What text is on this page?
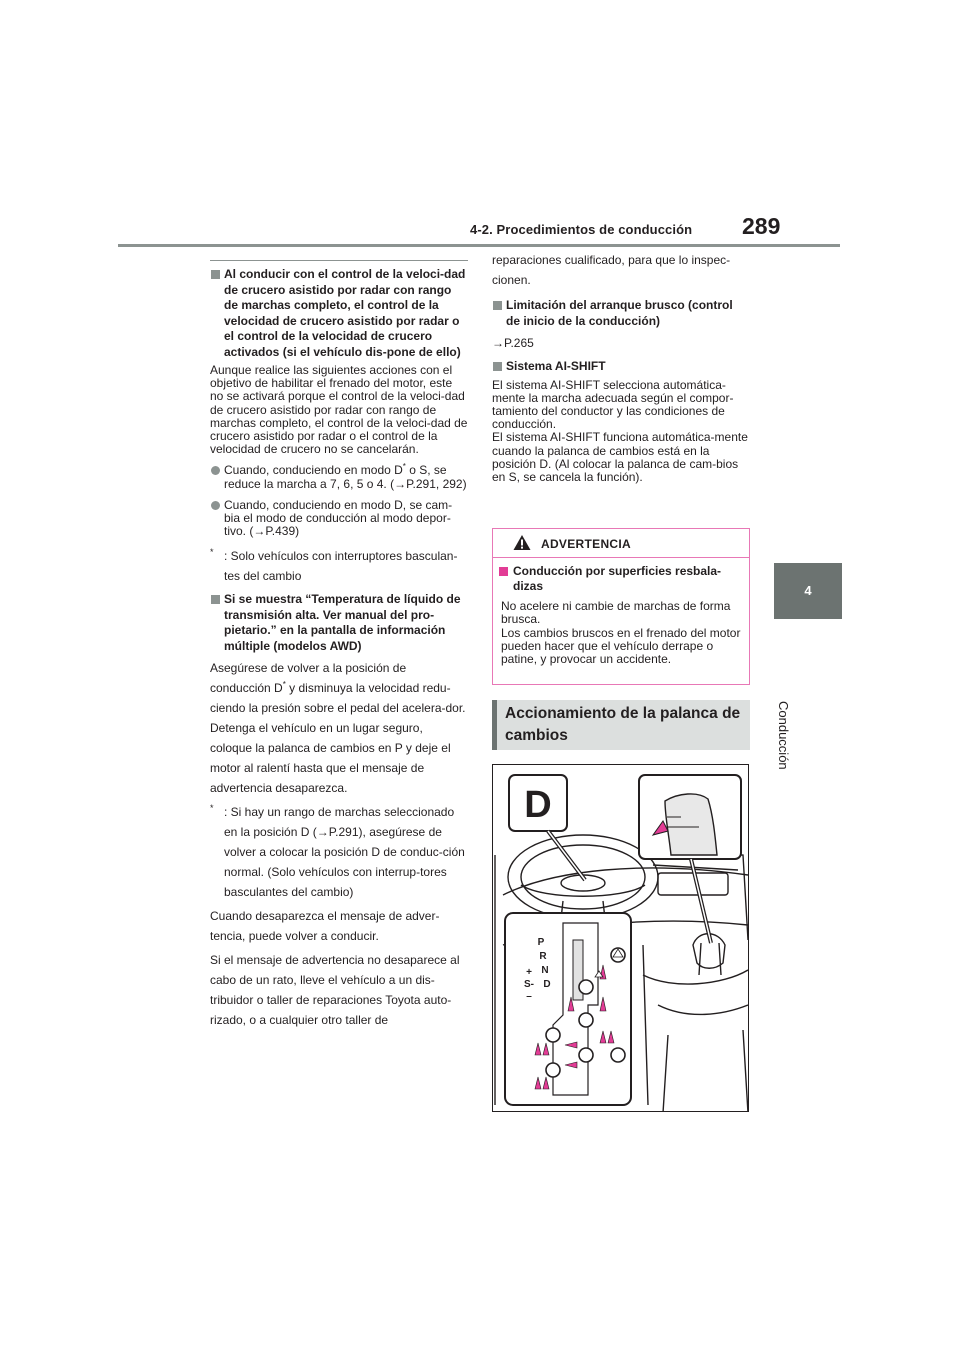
4-2. Procedimientos de conducción 289
4
Conducción
Al conducir con el control de la veloci-dad de crucero asistido por radar con rango de marchas completo, el control de la velocidad de crucero asistido por radar o el control de la velocidad de crucero activados (si el vehículo dis-pone de ello)

Aunque realice las siguientes acciones con el objetivo de habilitar el frenado del motor, este no se activará porque el control de la veloci-dad de crucero asistido por radar con rango de marchas completo, el control de la veloci-dad de crucero asistido por radar o el control de la velocidad de crucero no se cancelarán.

Cuando, conduciendo en modo D* o S, se reduce la marcha a 7, 6, 5 o 4. (→P.291, 292)
Cuando, conduciendo en modo D, se cam-bia el modo de conducción al modo depor-tivo. (→P.439)
* : Solo vehículos con interruptores basculan-tes del cambio
Si se muestra “Temperatura de líquido de transmisión alta. Ver manual del pro-pietario.” en la pantalla de información múltiple (modelos AWD)

Asegúrese de volver a la posición de conducción D* y disminuya la velocidad redu-ciendo la presión sobre el pedal del acelera-dor. Detenga el vehículo en un lugar seguro, coloque la palanca de cambios en P y deje el motor al ralentí hasta que el mensaje de advertencia desaparezca.

* : Si hay un rango de marchas seleccionado en la posición D (→P.291), asegúrese de volver a colocar la posición D de conduc-ción normal. (Solo vehículos con interrup-tores basculantes del cambio)

Cuando desaparezca el mensaje de adver-tencia, puede volver a conducir.

Si el mensaje de advertencia no desaparece al cabo de un rato, lleve el vehículo a un dis-tribuidor o taller de reparaciones Toyota auto-rizado, o a cualquier otro taller de

reparaciones cualificado, para que lo inspec-cionen.

Limitación del arranque brusco (control de inicio de la conducción)

→P.265

Sistema AI-SHIFT

El sistema AI-SHIFT selecciona automática-mente la marcha adecuada según el compor-tamiento del conductor y las condiciones de conducción.

El sistema AI-SHIFT funciona automática-mente cuando la palanca de cambios está en la posición D. (Al colocar la palanca de cam-bios en S, se cancela la función).

ADVERTENCIA
Conducción por superficies resbala-dizas
No acelere ni cambie de marchas de forma brusca.
Los cambios bruscos en el frenado del motor pueden hacer que el vehículo derrape o patine, y provocar un accidente.
Accionamiento de la palanca de cambios
D
P
R
N
D
S-
+
–
